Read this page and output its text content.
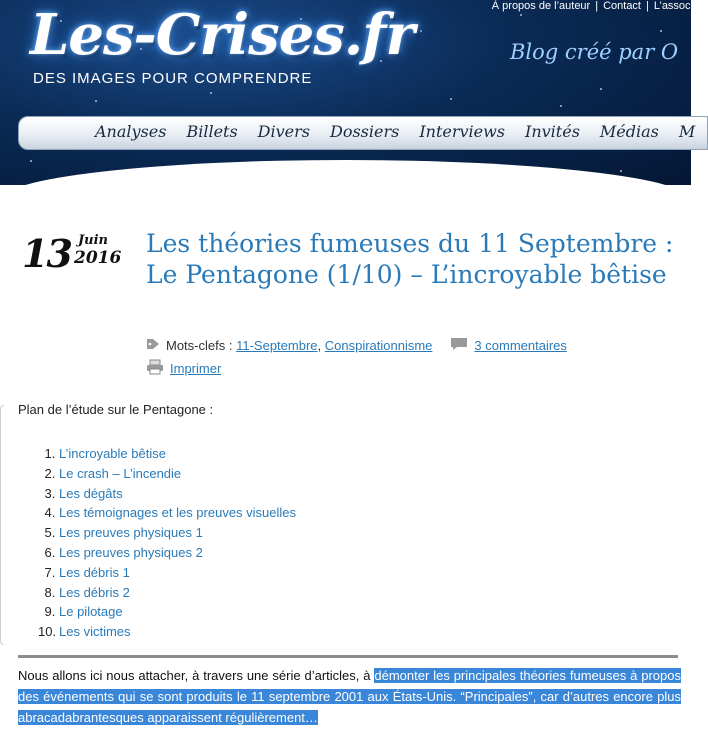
À propos de l’auteur | Contact | L’associ
Les-Crises.fr
DES IMAGES POUR COMPRENDRE
Blog créé par O
Analyses Billets Divers Dossiers Interviews Invités Médias M
13 Juin
2016 Les théories fumeuses du 11 Septembre : Le Pentagone (1/10) – L’incroyable bêtise
Mots-clefs :
11-Septembre , Conspirationnisme	3 commentaires
Imprimer

Plan de l’étude sur le Pentagone :

1. L’incroyable bêtise
2. Le crash – L’incendie
3. Les dégâts
4. Les témoignages et les preuves visuelles
5. Les preuves physiques 1
6. Les preuves physiques 2
7. Les débris 1
8. Les débris 2
9. Le pilotage
10. Les victimes

Nous allons ici nous attacher, à travers une série d’articles, à démonter les principales théories fumeuses à propos des événements qui se sont produits le 11 septembre 2001 aux États-Unis. “Principales”, car d’autres encore plus abracadabrantesques apparaissent régulièrement…
